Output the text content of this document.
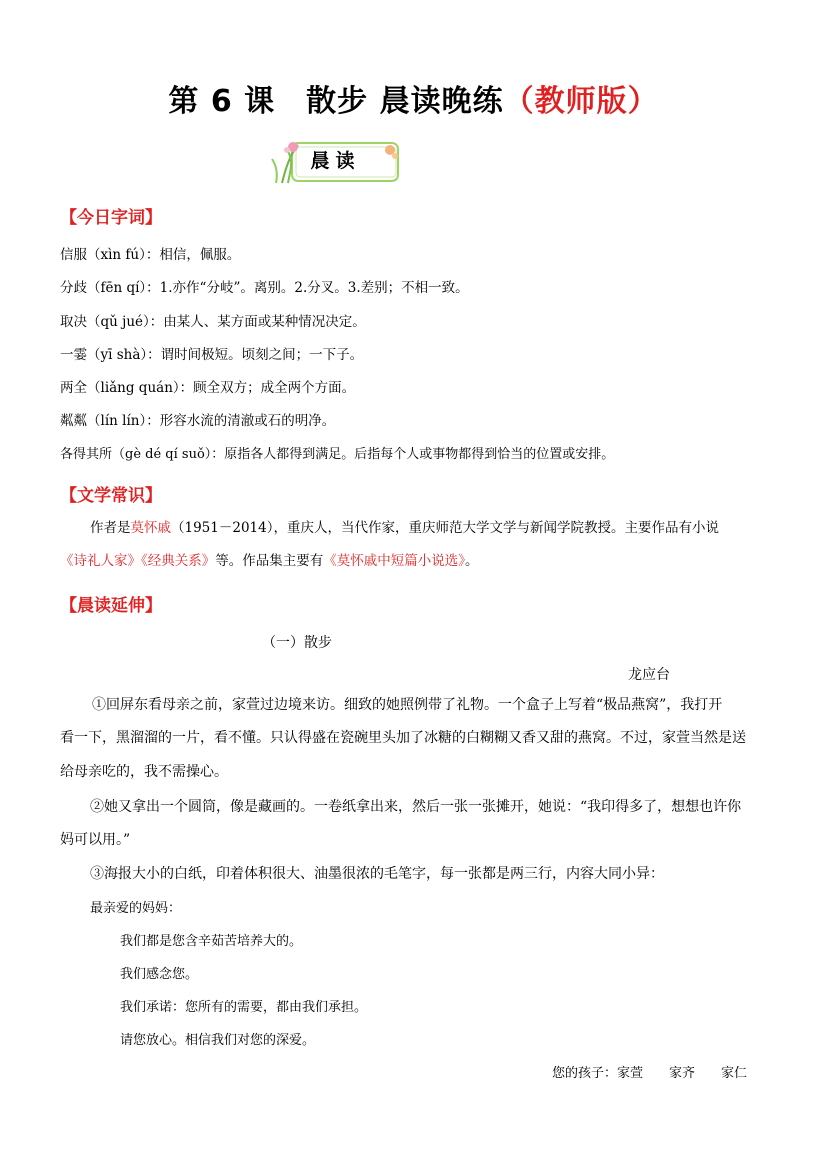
第 6 课　散步 晨读晚练（教师版）
晨读
【今日字词】
信服（xìn fú）：相信，佩服。
分歧（fēn qí）：1.亦作“分岐”。离别。2.分叉。3.差别；不相一致。
取决（qǔ jué）：由某人、某方面或某种情况决定。
一霎（yī shà）：谓时间极短。顷刻之间；一下子。
两全（liǎng quán）：顾全双方；成全两个方面。
粼粼（lín lín）：形容水流的清澈或石的明净。
各得其所（gè dé qí suǒ）：原指各人都得到满足。后指每个人或事物都得到恰当的位置或安排。
【文学常识】
作者是莫怀戚（1951－2014），重庆人，当代作家，重庆师范大学文学与新闻学院教授。主要作品有小说
《诗礼人家》《经典关系》等。作品集主要有《莫怀戚中短篇小说选》。
【晨读延伸】
（一）散步
龙应台
①回屏东看母亲之前，家萱过边境来访。细致的她照例带了礼物。一个盒子上写着“极品燕窝”，我打开
看一下，黑溜溜的一片，看不懂。只认得盛在瓷碗里头加了冰糖的白糊糊又香又甜的燕窝。不过，家萱当然是送
给母亲吃的，我不需操心。
②她又拿出一个圆筒，像是藏画的。一卷纸拿出来，然后一张一张摊开，她说：“我印得多了，想想也许你
妈可以用。”
③海报大小的白纸，印着体积很大、油墨很浓的毛笔字，每一张都是两三行，内容大同小异：
最亲爱的妈妈：
我们都是您含辛茹苦培养大的。
我们感念您。
我们承诺：您所有的需要，都由我们承担。
请您放心。相信我们对您的深爱。
您的孩子：家萱　　家齐　　家仁
